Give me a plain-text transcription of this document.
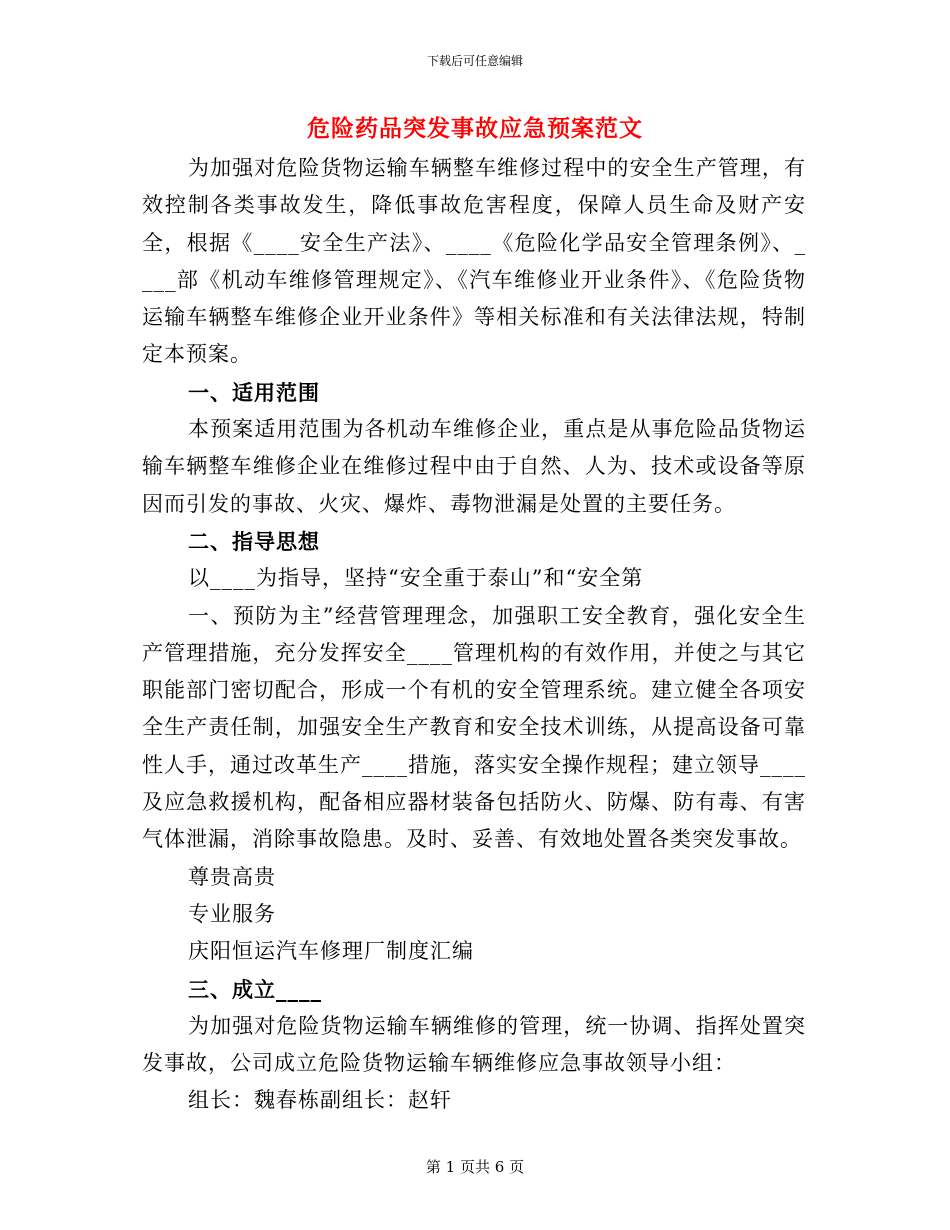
下载后可任意编辑
危险药品突发事故应急预案范文

为加强对危险货物运输车辆整车维修过程中的安全生产管理，有效控制各类事故发生，降低事故危害程度，保障人员生命及财产安全，根据《____安全生产法》、____《危险化学品安全管理条例》、____部《机动车维修管理规定》、《汽车维修业开业条件》、《危险货物运输车辆整车维修企业开业条件》等相关标准和有关法律法规，特制定本预案。

一、适用范围

本预案适用范围为各机动车维修企业，重点是从事危险品货物运输车辆整车维修企业在维修过程中由于自然、人为、技术或设备等原因而引发的事故、火灾、爆炸、毒物泄漏是处置的主要任务。

二、指导思想

以____为指导，坚持“安全重于泰山”和“安全第

一、预防为主”经营管理理念，加强职工安全教育，强化安全生产管理措施，充分发挥安全____管理机构的有效作用，并使之与其它职能部门密切配合，形成一个有机的安全管理系统。建立健全各项安全生产责任制，加强安全生产教育和安全技术训练，从提高设备可靠性人手，通过改革生产____措施，落实安全操作规程；建立领导____及应急救援机构，配备相应器材装备包括防火、防爆、防有毒、有害气体泄漏，消除事故隐患。及时、妥善、有效地处置各类突发事故。

尊贵高贵

专业服务

庆阳恒运汽车修理厂制度汇编

三、成立____

为加强对危险货物运输车辆维修的管理，统一协调、指挥处置突发事故，公司成立危险货物运输车辆维修应急事故领导小组：

组长：魏春栋副组长：赵轩

第 1 页共 6 页
